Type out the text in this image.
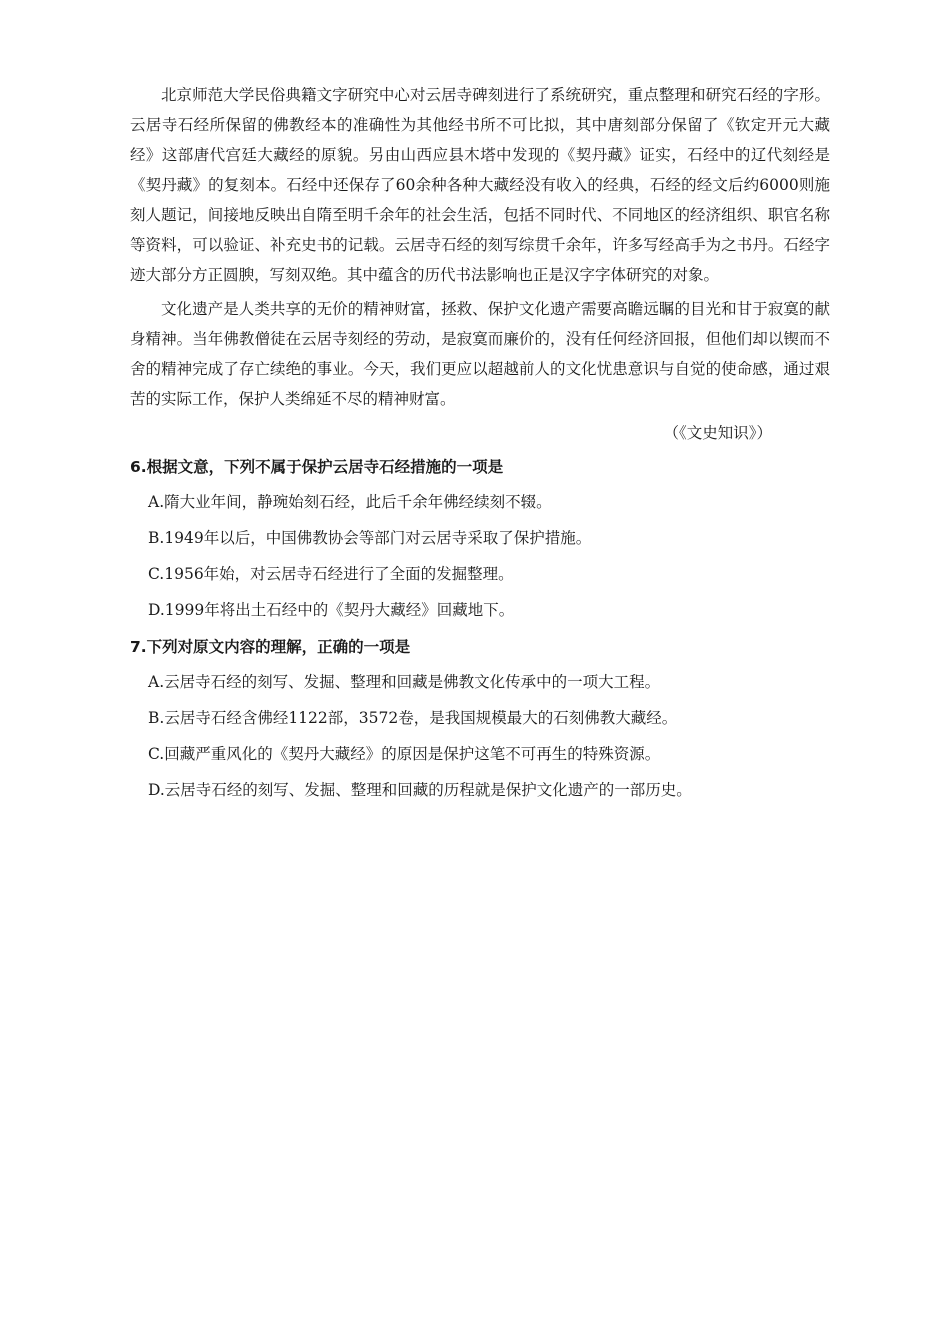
北京师范大学民俗典籍文字研究中心对云居寺碑刻进行了系统研究，重点整理和研究石经的字形。云居寺石经所保留的佛教经本的准确性为其他经书所不可比拟，其中唐刻部分保留了《钦定开元大藏经》这部唐代宫廷大藏经的原貌。另由山西应县木塔中发现的《契丹藏》证实，石经中的辽代刻经是《契丹藏》的复刻本。石经中还保存了60余种各种大藏经没有收入的经典，石经的经文后约6000则施刻人题记，间接地反映出自隋至明千余年的社会生活，包括不同时代、不同地区的经济组织、职官名称等资料，可以验证、补充史书的记载。云居寺石经的刻写综贯千余年，许多写经高手为之书丹。石经字迹大部分方正圆腴，写刻双绝。其中蕴含的历代书法影响也正是汉字字体研究的对象。

文化遗产是人类共享的无价的精神财富，拯救、保护文化遗产需要高瞻远瞩的目光和甘于寂寞的献身精神。当年佛教僧徒在云居寺刻经的劳动，是寂寞而廉价的，没有任何经济回报，但他们却以锲而不舍的精神完成了存亡续绝的事业。今天，我们更应以超越前人的文化忧患意识与自觉的使命感，通过艰苦的实际工作，保护人类绵延不尽的精神财富。

（《文史知识》）

6.根据文意，下列不属于保护云居寺石经措施的一项是

A.隋大业年间，静琬始刻石经，此后千余年佛经续刻不辍。

B.1949年以后，中国佛教协会等部门对云居寺采取了保护措施。

C.1956年始，对云居寺石经进行了全面的发掘整理。

D.1999年将出土石经中的《契丹大藏经》回藏地下。

7.下列对原文内容的理解，正确的一项是

A.云居寺石经的刻写、发掘、整理和回藏是佛教文化传承中的一项大工程。

B.云居寺石经含佛经1122部，3572卷，是我国规模最大的石刻佛教大藏经。

C.回藏严重风化的《契丹大藏经》的原因是保护这笔不可再生的特殊资源。

D.云居寺石经的刻写、发掘、整理和回藏的历程就是保护文化遗产的一部历史。
